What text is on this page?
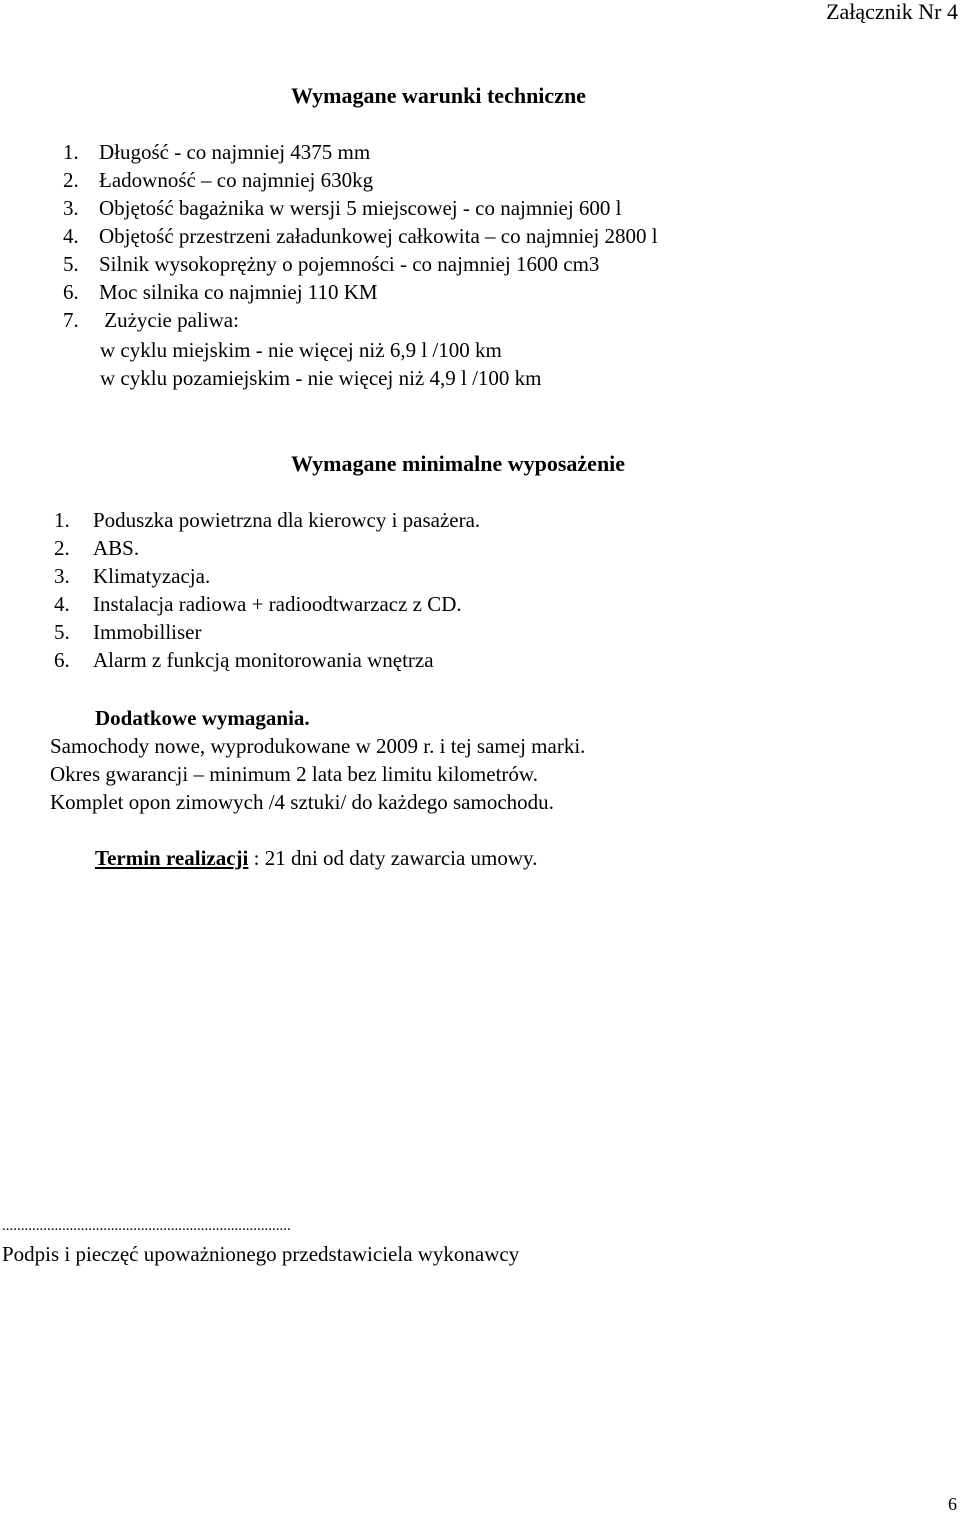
Załącznik Nr 4
Wymagane warunki techniczne
1. Długość - co najmniej 4375 mm
2. Ładowność – co najmniej 630kg
3. Objętość bagażnika w wersji 5 miejscowej - co najmniej 600 l
4. Objętość przestrzeni załadunkowej całkowita – co najmniej 2800 l
5. Silnik wysokoprężny o pojemności - co najmniej 1600 cm3
6. Moc silnika co najmniej 110 KM
7. Zużycie paliwa:
w cyklu miejskim - nie więcej niż 6,9 l /100 km
w cyklu pozamiejskim - nie więcej niż 4,9 l /100 km
Wymagane minimalne wyposażenie
1. Poduszka powietrzna dla kierowcy i pasażera.
2. ABS.
3. Klimatyzacja.
4. Instalacja radiowa + radioodtwarzacz z CD.
5. Immobilliser
6. Alarm z funkcją monitorowania wnętrza
Dodatkowe wymagania.
Samochody nowe, wyprodukowane w 2009 r. i tej samej marki.
Okres gwarancji – minimum 2 lata bez limitu kilometrów.
Komplet opon zimowych /4 sztuki/ do każdego samochodu.
Termin realizacji : 21 dni od daty zawarcia umowy.
.............................................................................
Podpis i pieczęć upoważnionego przedstawiciela wykonawcy
6
